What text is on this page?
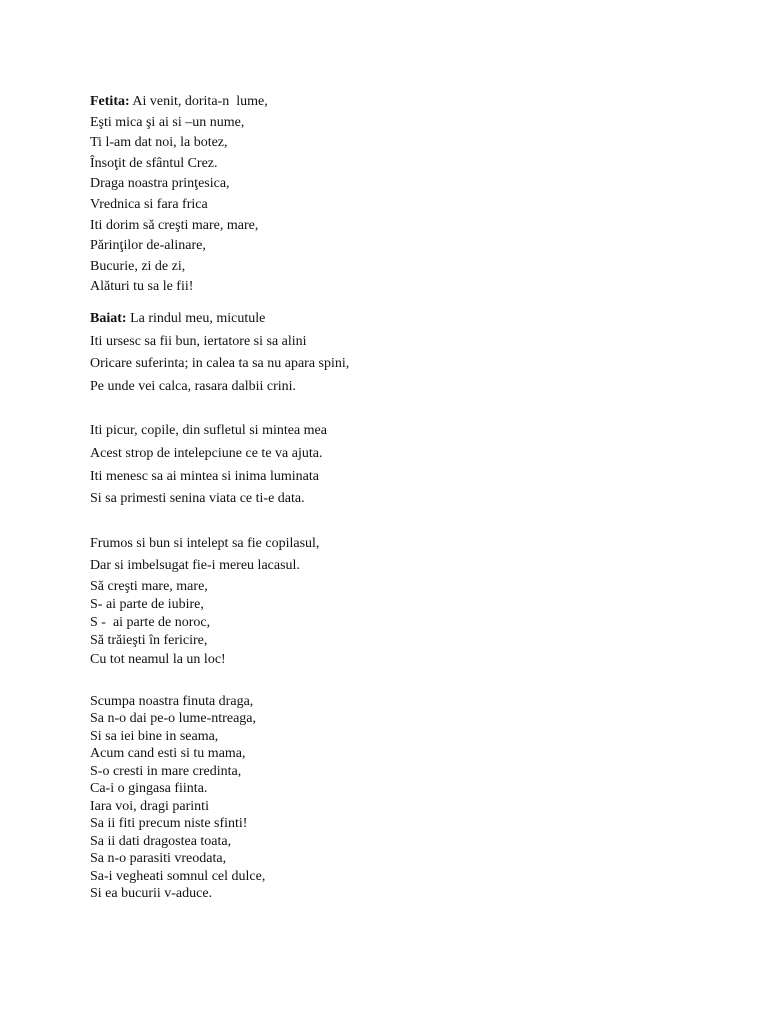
Fetita: Ai venit, dorita-n  lume,
Eşti mica şi ai si –un nume,
Ti l-am dat noi, la botez,
Însoţit de sfântul Crez.
Draga noastra prinţesica,
Vrednica si fara frica
Iti dorim să creşti mare, mare,
Părinţilor de-alinare,
Bucurie, zi de zi,
Alături tu sa le fii!
Baiat: La rindul meu, micutule
Iti ursesc sa fii bun, iertatore si sa alini
Oricare suferinta; in calea ta sa nu apara spini,
Pe unde vei calca, rasara dalbii crini.
Iti picur, copile, din sufletul si mintea mea
Acest strop de intelepciune ce te va ajuta.
Iti menesc sa ai mintea si inima luminata
Si sa primesti senina viata ce ti-e data.
Frumos si bun si intelept sa fie copilasul,
Dar si imbelsugat fie-i mereu lacasul.
Să creşti mare, mare,
S- ai parte de iubire,
S -  ai parte de noroc,
Să trăieşti în fericire,
Cu tot neamul la un loc!
Scumpa noastra finuta draga,
Sa n-o dai pe-o lume-ntreaga,
Si sa iei bine in seama,
Acum cand esti si tu mama,
S-o cresti in mare credinta,
Ca-i o gingasa fiinta.
Iara voi, dragi parinti
Sa ii fiti precum niste sfinti!
Sa ii dati dragostea toata,
Sa n-o parasiti vreodata,
Sa-i vegheati somnul cel dulce,
Si ea bucurii v-aduce.
